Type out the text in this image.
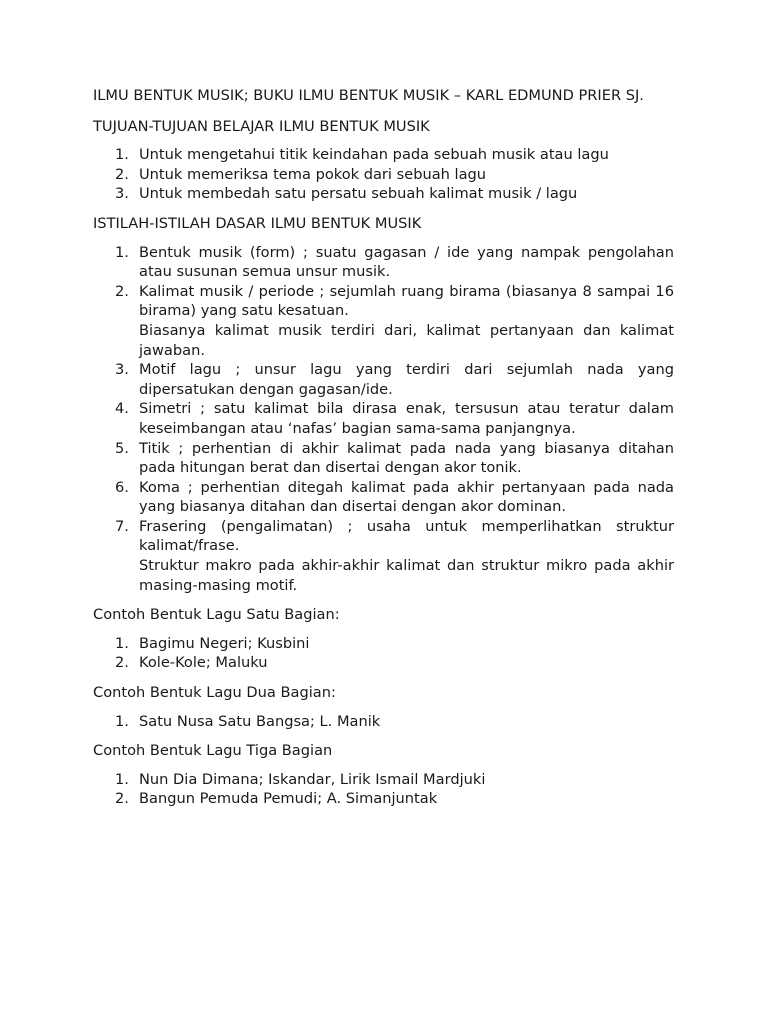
ILMU BENTUK MUSIK; BUKU ILMU BENTUK MUSIK – KARL EDMUND PRIER SJ.

TUJUAN-TUJUAN BELAJAR ILMU BENTUK MUSIK

1. Untuk mengetahui titik keindahan pada sebuah musik atau lagu
2. Untuk memeriksa tema pokok dari sebuah lagu
3. Untuk membedah satu persatu sebuah kalimat musik / lagu

ISTILAH-ISTILAH DASAR ILMU BENTUK MUSIK

1. Bentuk musik (form) ; suatu gagasan / ide yang nampak pengolahan atau susunan semua unsur musik.
2. Kalimat musik / periode ; sejumlah ruang birama (biasanya 8 sampai 16 birama) yang satu kesatuan.
Biasanya kalimat musik terdiri dari, kalimat pertanyaan dan kalimat jawaban.
3. Motif lagu ; unsur lagu yang terdiri dari sejumlah nada yang dipersatukan dengan gagasan/ide.
4. Simetri ; satu kalimat bila dirasa enak, tersusun atau teratur dalam keseimbangan atau ‘nafas’ bagian sama-sama panjangnya.
5. Titik ; perhentian di akhir kalimat pada nada yang biasanya ditahan pada hitungan berat dan disertai dengan akor tonik.
6. Koma ; perhentian ditegah kalimat pada akhir pertanyaan pada nada yang biasanya ditahan dan disertai dengan akor dominan.
7. Frasering (pengalimatan) ; usaha untuk memperlihatkan struktur kalimat/frase.
Struktur makro pada akhir-akhir kalimat dan struktur mikro pada akhir masing-masing motif.

Contoh Bentuk Lagu Satu Bagian:

1. Bagimu Negeri; Kusbini
2. Kole-Kole; Maluku

Contoh Bentuk Lagu Dua Bagian:

1. Satu Nusa Satu Bangsa; L. Manik

Contoh Bentuk Lagu Tiga Bagian

1. Nun Dia Dimana; Iskandar, Lirik Ismail Mardjuki
2. Bangun Pemuda Pemudi; A. Simanjuntak
